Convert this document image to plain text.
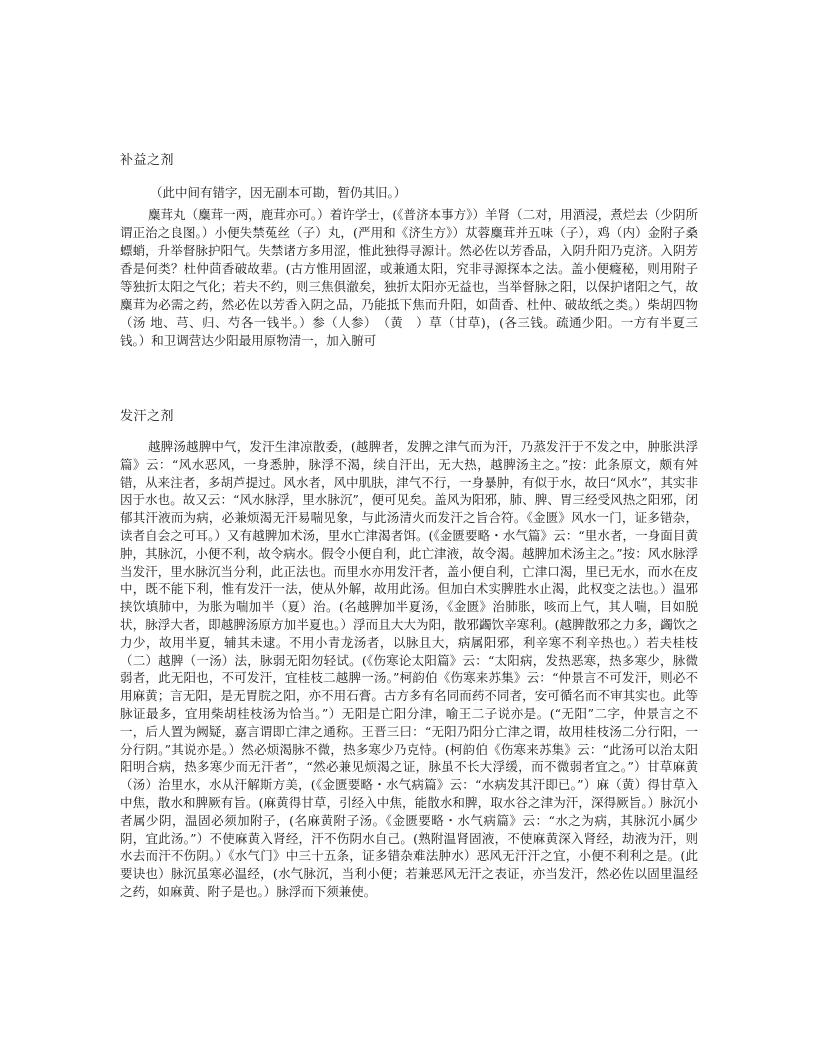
补益之剂

（此中间有错字，因无副本可勘，暂仍其旧。）

麋茸丸（麋茸一两，鹿茸亦可。）着许学士，(《普济本事方》）羊肾（二对，用酒浸，煮烂去（少阴所谓正治之良图。）小便失禁菟丝（子）丸，(严用和《济生方》）苁蓉麋茸并五味（子），鸡（内）金附子桑螵蛸，升举督脉护阳气。失禁诸方多用涩，惟此独得寻源计。然必佐以芳香品，入阴升阳乃克济。入阴芳香是何类？杜仲茴香破故辈。(古方惟用固涩，或兼通太阳，究非寻源探本之法。盖小便癃秘，则用附子等独折太阳之气化；若夫不约，则三焦俱澈矣，独折太阳亦无益也，当举督脉之阳，以保护诸阳之气，故麋茸为必需之药，然必佐以芳香入阴之品，乃能抵下焦而升阳，如茴香、杜仲、破故纸之类。）柴胡四物（汤 地、芎、归、芍各一钱半。）参（人参）　（黄　）草（甘草)，(各三钱。疏通少阳。一方有半夏三钱。）和卫调营达少阳最用原物清一，加入腑可

发汗之剂

越脾汤越脾中气，发汗生津凉散委，(越脾者，发脾之津气而为汗，乃蒸发汗于不发之中，肿胀洪浮篇》云：“风水恶风，一身悉肿，脉浮不渴，续自汗出，无大热，越脾汤主之。”按：此条原文，颇有舛错，从来注者，多胡芦提过。风水者，风中肌肤，津气不行，一身暴肿，有似于水，故曰“风水”，其实非因于水也。故又云：“风水脉浮，里水脉沉”，便可见矣。盖风为阳邪，肺、脾、胃三经受风热之阳邪，闭郁其汗液而为病，必兼烦渴无汗易喘见象，与此汤清火而发汗之旨合符。《金匮》风水一门，证多错杂，读者自会之可耳。）又有越脾加术汤，里水亡津渴者饵。(《金匮要略・水气篇》云：“里水者，一身面目黄肿，其脉沉，小便不利，故令病水。假令小便自利，此亡津液，故令渴。越脾加术汤主之。”按：风水脉浮当发汗，里水脉沉当分利，此正法也。而里水亦用发汗者，盖小便自利，亡津口渴，里已无水，而水在皮中，既不能下利，惟有发汗一法，使从外解，故用此汤。但加白术实脾胜水止渴，此权变之法也。）温邪挟饮填肺中，为胀为喘加半（夏）治。(名越脾加半夏汤，《金匮》治肺胀，咳而上气，其人喘，目如脱状，脉浮大者，即越脾汤原方加半夏也。）浮而且大大为阳，散邪蠲饮辛寒利。(越脾散邪之力多，蠲饮之力少，故用半夏，辅其未逮。不用小青龙汤者，以脉且大，病属阳邪，利辛寒不利辛热也。）若夫桂枝（二）越脾（一汤）法，脉弱无阳勿轻试。(《伤寒论太阳篇》云：“太阳病，发热恶寒，热多寒少，脉微弱者，此无阳也，不可发汗，宜桂枝二越脾一汤。”柯韵伯《伤寒来苏集》云：“仲景言不可发汗，则必不用麻黄；言无阳，是无胃脘之阳，亦不用石膏。古方多有名同而药不同者，安可循名而不审其实也。此等脉证最多，宜用柴胡桂枝汤为恰当。”）无阳是亡阳分津，喻王二子说亦是。(“无阳”二字，仲景言之不一，后人置为阙疑，嘉言谓即亡津之通称。王晋三曰：“无阳乃阳分亡津之谓，故用桂枝汤二分行阳，一分行阴。”其说亦是。）然必烦渴脉不微，热多寒少乃克恃。(柯韵伯《伤寒来苏集》云：“此汤可以治太阳阳明合病，热多寒少而无汗者”，“然必兼见烦渴之证，脉虽不长大浮缓，而不微弱者宜之。”）甘草麻黄（汤）治里水，水从汗解斯方美，(《金匮要略・水气病篇》云：“水病发其汗即已。”）麻（黄）得甘草入中焦，散水和脾厥有旨。(麻黄得甘草，引经入中焦，能散水和脾，取水谷之津为汗，深得厥旨。）脉沉小者属少阴，温固必须加附子，(名麻黄附子汤。《金匮要略・水气病篇》云：“水之为病，其脉沉小属少阴，宜此汤。”）不使麻黄入肾经，汗不伤阴水自己。(熟附温肾固液，不使麻黄深入肾经，劫液为汗，则水去而汗不伤阴。）《水气门》中三十五条，证多错杂难法肿水）恶风无汗汗之宜，小便不利利之是。(此要诀也）脉沉虽寒必温经，(水气脉沉，当利小便；若兼恶风无汗之表证，亦当发汗，然必佐以固里温经之药，如麻黄、附子是也。）脉浮而下须兼使。
